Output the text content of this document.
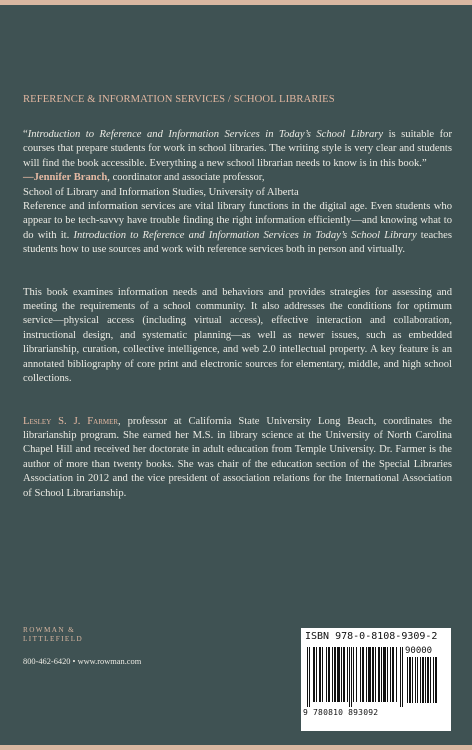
REFERENCE & INFORMATION SERVICES / SCHOOL LIBRARIES

“Introduction to Reference and Information Services in Today’s School Library is suitable for courses that prepare students for work in school libraries. The writing style is very clear and students will find the book accessible. Everything a new school librarian needs to know is in this book.”

—Jennifer Branch, coordinator and associate professor,
School of Library and Information Studies, University of Alberta

Reference and information services are vital library functions in the digital age. Even students who appear to be tech-savvy have trouble finding the right information efficiently—and knowing what to do with it. Introduction to Reference and Information Services in Today’s School Library teaches students how to use sources and work with reference services both in person and virtually.

This book examines information needs and behaviors and provides strategies for assessing and meeting the requirements of a school community. It also addresses the conditions for optimum service—physical access (including virtual access), effective interaction and collaboration, instructional design, and systematic planning—as well as newer issues, such as embedded librarianship, curation, collective intelligence, and web 2.0 intellectual property. A key feature is an annotated bibliography of core print and electronic sources for elementary, middle, and high school collections.

Lesley S. J. Farmer, professor at California State University Long Beach, coordinates the librarianship program. She earned her M.S. in library science at the University of North Carolina Chapel Hill and received her doctorate in adult education from Temple University. Dr. Farmer is the author of more than twenty books. She was chair of the education section of the Special Libraries Association in 2012 and the vice president of association relations for the International Association of School Librarianship.

ROWMAN &
LITTLEFIELD
800-462-6420 • www.rowman.com
ISBN 978-0-8108-9309-2
90000
9 780810 893092
